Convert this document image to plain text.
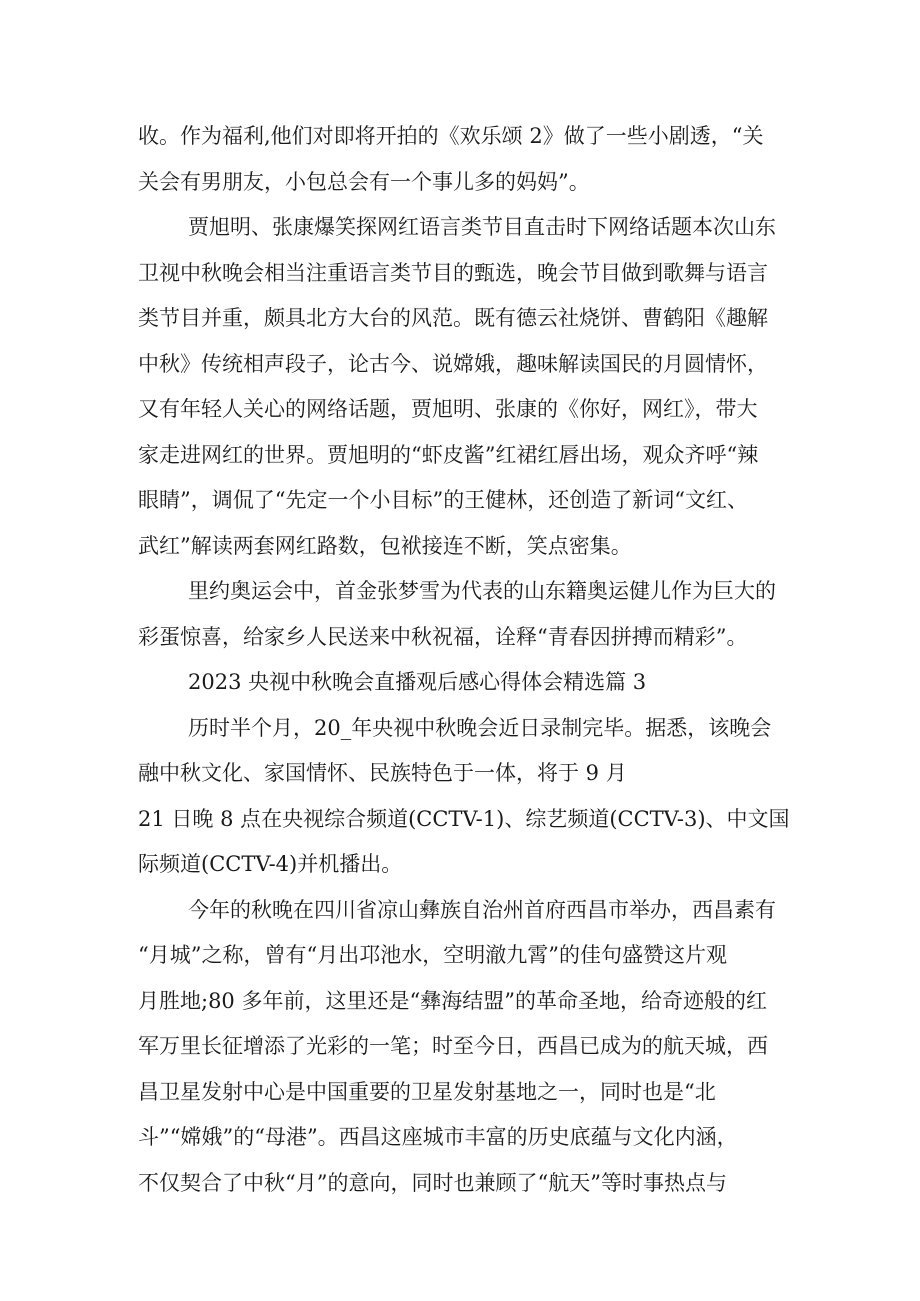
收。作为福利,他们对即将开拍的《欢乐颂 2》做了一些小剧透，“关
关会有男朋友，小包总会有一个事儿多的妈妈”。
贾旭明、张康爆笑探网红语言类节目直击时下网络话题本次山东
卫视中秋晚会相当注重语言类节目的甄选，晚会节目做到歌舞与语言
类节目并重，颇具北方大台的风范。既有德云社烧饼、曹鹤阳《趣解
中秋》传统相声段子，论古今、说嫦娥，趣味解读国民的月圆情怀，
又有年轻人关心的网络话题，贾旭明、张康的《你好，网红》，带大
家走进网红的世界。贾旭明的“虾皮酱”红裙红唇出场，观众齐呼“辣
眼睛”，调侃了“先定一个小目标”的王健林，还创造了新词“文红、
武红”解读两套网红路数，包袱接连不断，笑点密集。
里约奥运会中，首金张梦雪为代表的山东籍奥运健儿作为巨大的
彩蛋惊喜，给家乡人民送来中秋祝福，诠释“青春因拼搏而精彩”。
2023 央视中秋晚会直播观后感心得体会精选篇 3
历时半个月，20_年央视中秋晚会近日录制完毕。据悉，该晚会
融中秋文化、家国情怀、民族特色于一体，将于 9 月
21 日晚 8 点在央视综合频道(CCTV-1)、综艺频道(CCTV-3)、中文国
际频道(CCTV-4)并机播出。
今年的秋晚在四川省凉山彝族自治州首府西昌市举办，西昌素有
“月城”之称，曾有“月出邛池水，空明澈九霄”的佳句盛赞这片观
月胜地;80 多年前，这里还是“彝海结盟”的革命圣地，给奇迹般的红
军万里长征增添了光彩的一笔；时至今日，西昌已成为的航天城，西
昌卫星发射中心是中国重要的卫星发射基地之一，同时也是“北
斗”“嫦娥”的“母港”。西昌这座城市丰富的历史底蕴与文化内涵，
不仅契合了中秋“月”的意向，同时也兼顾了“航天”等时事热点与
